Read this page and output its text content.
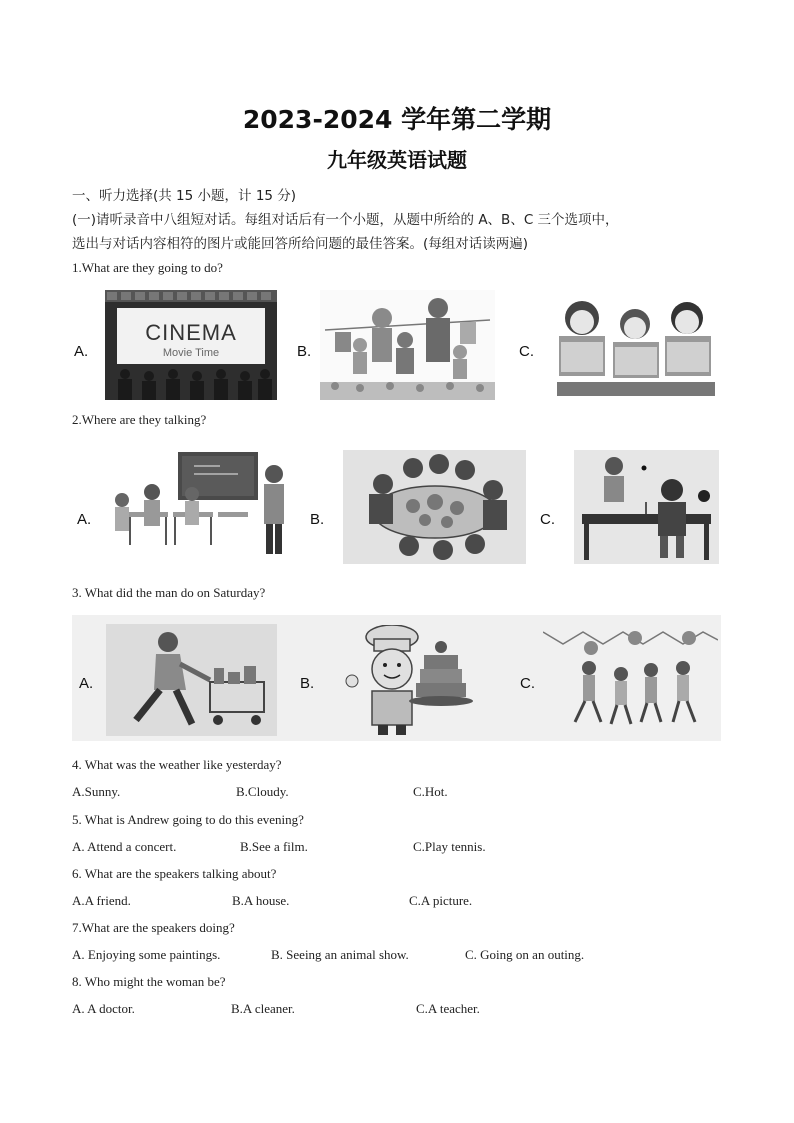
2023-2024 学年第二学期
九年级英语试题
一、听力选择(共 15 小题，计 15 分)
(一)请听录音中八组短对话。每组对话后有一个小题，从题中所给的 A、B、C 三个选项中，
选出与对话内容相符的图片或能回答所给问题的最佳答案。(每组对话读两遍)
1.What are they going to do?
A.
CINEMA
Movie Time	B.	C.
2.Where are they talking?
A.	B.	C.
3. What did the man do on Saturday?
A.	B.	C.
4. What was the weather like yesterday?
A.Sunny.	B.Cloudy.	C.Hot.
5. What is Andrew going to do this evening?
A. Attend a concert.	B.See a film.	C.Play tennis.
6. What are the speakers talking about?
A.A friend.	B.A house.	C.A picture.
7.What are the speakers doing?
A. Enjoying some paintings.	B. Seeing an animal show.	C. Going on an outing.
8. Who might the woman be?
A. A doctor.	B.A cleaner.	C.A teacher.
